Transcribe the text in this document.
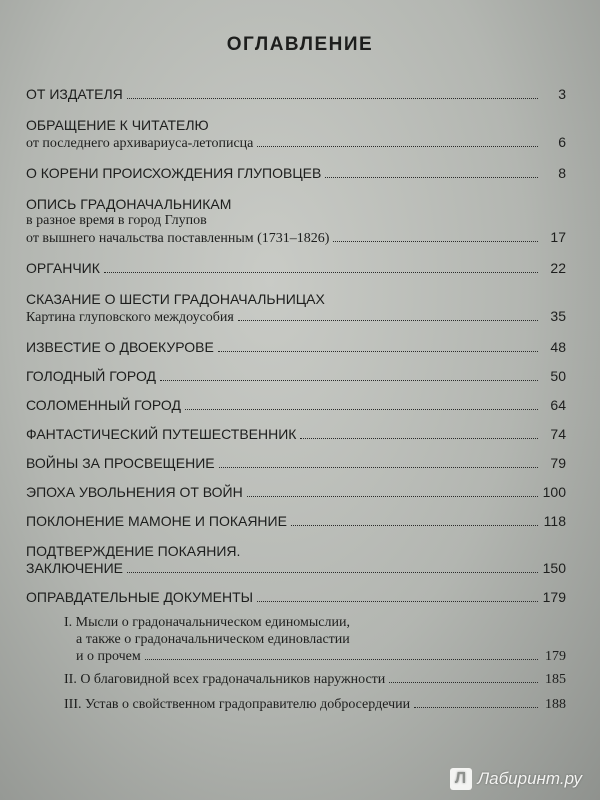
ОГЛАВЛЕНИЕ
ОТ ИЗДАТЕЛЯ	3
ОБРАЩЕНИЕ К ЧИТАТЕЛЮ
от последнего архивариуса-летописца	6
О КОРЕНИ ПРОИСХОЖДЕНИЯ ГЛУПОВЦЕВ	8
ОПИСЬ ГРАДОНАЧАЛЬНИКАМ
в разное время в город Глупов
от вышнего начальства поставленным (1731–1826)	17
ОРГАНЧИК	22
СКАЗАНИЕ О ШЕСТИ ГРАДОНАЧАЛЬНИЦАХ
Картина глуповского междоусобия	35
ИЗВЕСТИЕ О ДВОЕКУРОВЕ	48
ГОЛОДНЫЙ ГОРОД	50
СОЛОМЕННЫЙ ГОРОД	64
ФАНТАСТИЧЕСКИЙ ПУТЕШЕСТВЕННИК	74
ВОЙНЫ ЗА ПРОСВЕЩЕНИЕ	79
ЭПОХА УВОЛЬНЕНИЯ ОТ ВОЙН	100
ПОКЛОНЕНИЕ МАМОНЕ И ПОКАЯНИЕ	118
ПОДТВЕРЖДЕНИЕ ПОКАЯНИЯ.
ЗАКЛЮЧЕНИЕ	150
ОПРАВДАТЕЛЬНЫЕ ДОКУМЕНТЫ	179
I. Мысли о градоначальническом единомыслии,
а также о градоначальническом единовластии
и о прочем	179
II. О благовидной всех градоначальников наружности	185
III. Устав о свойственном градоправителю добросердечии	188
Л Лабиринт.ру
